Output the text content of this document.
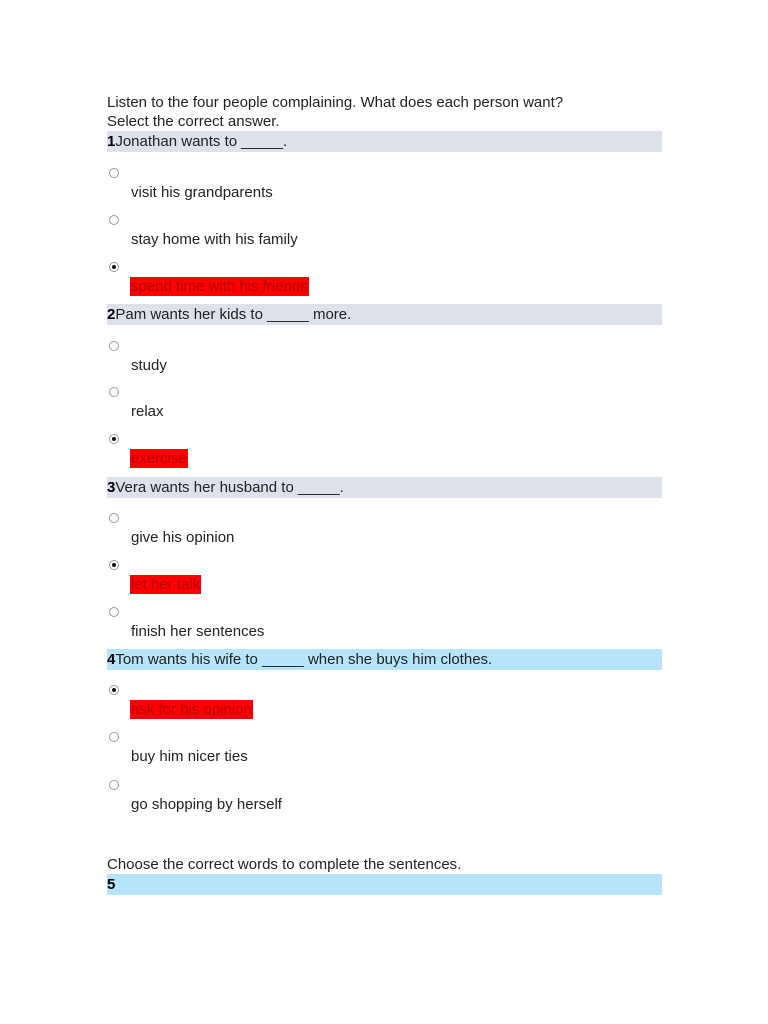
Listen to the four people complaining. What does each person want?
Select the correct answer.
1Jonathan wants to _____.
visit his grandparents
stay home with his family
spend time with his friends
2Pam wants her kids to _____ more.
study
relax
exercise
3Vera wants her husband to _____.
give his opinion
let her talk
finish her sentences
4Tom wants his wife to _____ when she buys him clothes.
ask for his opinion
buy him nicer ties
go shopping by herself
Choose the correct words to complete the sentences.
5
